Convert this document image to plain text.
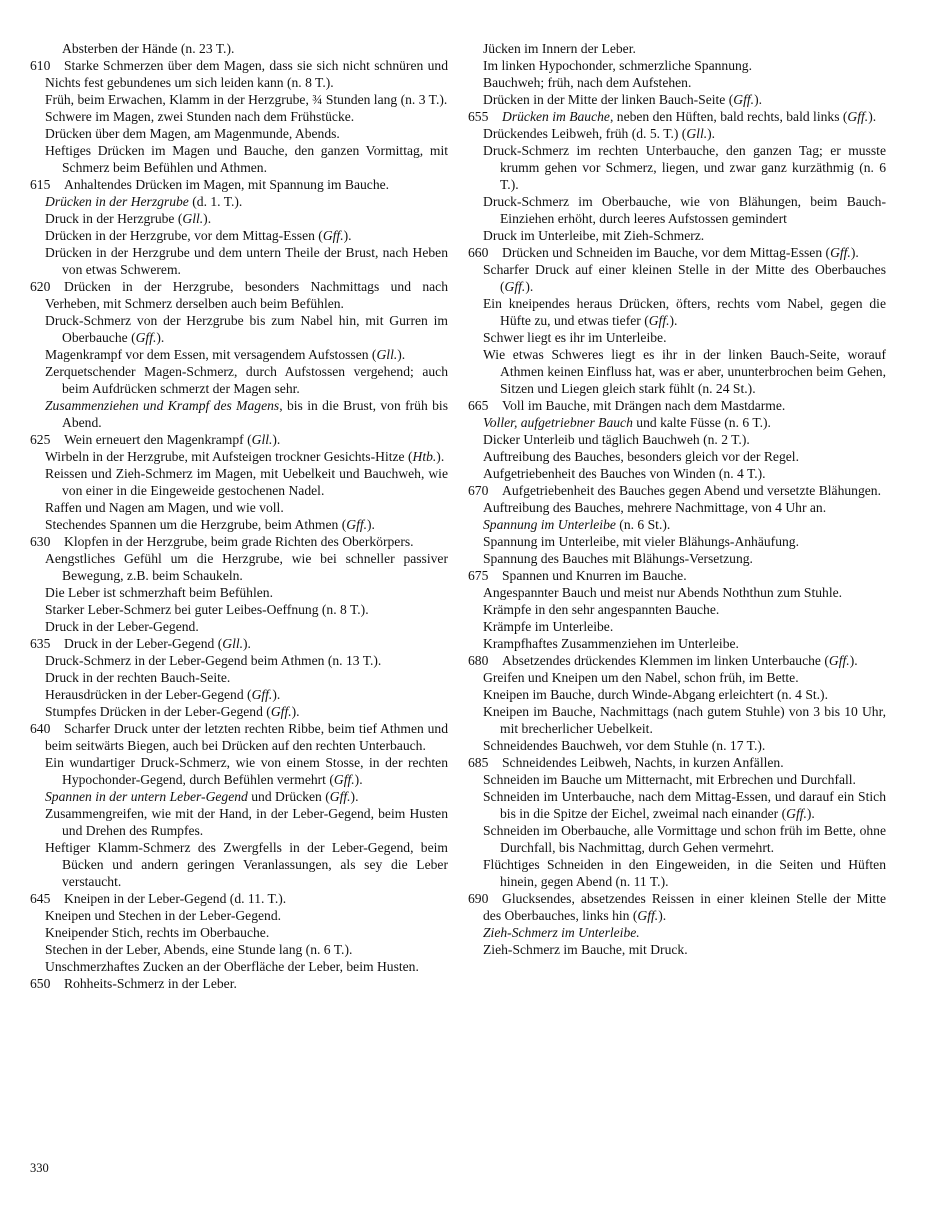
Absterben der Hände (n. 23 T.).

610 Starke Schmerzen über dem Magen, dass sie sich nicht schnüren und Nichts fest gebundenes um sich leiden kann (n. 8 T.).

Früh, beim Erwachen, Klamm in der Herzgrube, ¾ Stunden lang (n. 3 T.).

Schwere im Magen, zwei Stunden nach dem Frühstücke.

Drücken über dem Magen, am Magenmunde, Abends.

Heftiges Drücken im Magen und Bauche, den ganzen Vormittag, mit Schmerz beim Befühlen und Athmen.

615 Anhaltendes Drücken im Magen, mit Spannung im Bauche.

Drücken in der Herzgrube (d. 1. T.).

Druck in der Herzgrube (Gll.).

Drücken in der Herzgrube, vor dem Mittag-Essen (Gff.).

Drücken in der Herzgrube und dem untern Theile der Brust, nach Heben von etwas Schwerem.

620 Drücken in der Herzgrube, besonders Nachmittags und nach Verheben, mit Schmerz derselben auch beim Befühlen.

Druck-Schmerz von der Herzgrube bis zum Nabel hin, mit Gurren im Oberbauche (Gff.).

Magenkrampf vor dem Essen, mit versagendem Aufstossen (Gll.).

Zerquetschender Magen-Schmerz, durch Aufstossen vergehend; auch beim Aufdrücken schmerzt der Magen sehr.

Zusammenziehen und Krampf des Magens, bis in die Brust, von früh bis Abend.

625 Wein erneuert den Magenkrampf (Gll.).

Wirbeln in der Herzgrube, mit Aufsteigen trockner Gesichts-Hitze (Htb.).

Reissen und Zieh-Schmerz im Magen, mit Uebelkeit und Bauchweh, wie von einer in die Eingeweide gestochenen Nadel.

Raffen und Nagen am Magen, und wie voll.

Stechendes Spannen um die Herzgrube, beim Athmen (Gff.).

630 Klopfen in der Herzgrube, beim grade Richten des Oberkörpers.

Aengstliches Gefühl um die Herzgrube, wie bei schneller passiver Bewegung, z.B. beim Schaukeln.

Die Leber ist schmerzhaft beim Befühlen.

Starker Leber-Schmerz bei guter Leibes-Oeffnung (n. 8 T.).

Druck in der Leber-Gegend.

635 Druck in der Leber-Gegend (Gll.).

Druck-Schmerz in der Leber-Gegend beim Athmen (n. 13 T.).

Druck in der rechten Bauch-Seite.

Herausdrücken in der Leber-Gegend (Gff.).

Stumpfes Drücken in der Leber-Gegend (Gff.).

640 Scharfer Druck unter der letzten rechten Ribbe, beim tief Athmen und beim seitwärts Biegen, auch bei Drücken auf den rechten Unterbauch.

Ein wundartiger Druck-Schmerz, wie von einem Stosse, in der rechten Hypochonder-Gegend, durch Befühlen vermehrt (Gff.).

Spannen in der untern Leber-Gegend und Drücken (Gff.).

Zusammengreifen, wie mit der Hand, in der Leber-Gegend, beim Husten und Drehen des Rumpfes.

Heftiger Klamm-Schmerz des Zwergfells in der Leber-Gegend, beim Bücken und andern geringen Veranlassungen, als sey die Leber verstaucht.

645 Kneipen in der Leber-Gegend (d. 11. T.).

Kneipen und Stechen in der Leber-Gegend.

Kneipender Stich, rechts im Oberbauche.

Stechen in der Leber, Abends, eine Stunde lang (n. 6 T.).

Unschmerzhaftes Zucken an der Oberfläche der Leber, beim Husten.

650 Rohheits-Schmerz in der Leber.

Jücken im Innern der Leber.

Im linken Hypochonder, schmerzliche Spannung.

Bauchweh; früh, nach dem Aufstehen.

Drücken in der Mitte der linken Bauch-Seite (Gff.).

655 Drücken im Bauche, neben den Hüften, bald rechts, bald links (Gff.).

Drückendes Leibweh, früh (d. 5. T.) (Gll.).

Druck-Schmerz im rechten Unterbauche, den ganzen Tag; er musste krumm gehen vor Schmerz, liegen, und zwar ganz kurzäthmig (n. 6 T.).

Druck-Schmerz im Oberbauche, wie von Blähungen, beim Bauch-Einziehen erhöht, durch leeres Aufstossen gemindert

Druck im Unterleibe, mit Zieh-Schmerz.

660 Drücken und Schneiden im Bauche, vor dem Mittag-Essen (Gff.).

Scharfer Druck auf einer kleinen Stelle in der Mitte des Oberbauches (Gff.).

Ein kneipendes heraus Drücken, öfters, rechts vom Nabel, gegen die Hüfte zu, und etwas tiefer (Gff.).

Schwer liegt es ihr im Unterleibe.

Wie etwas Schweres liegt es ihr in der linken Bauch-Seite, worauf Athmen keinen Einfluss hat, was er aber, ununterbrochen beim Gehen, Sitzen und Liegen gleich stark fühlt (n. 24 St.).

665 Voll im Bauche, mit Drängen nach dem Mastdarme.

Voller, aufgetriebner Bauch und kalte Füsse (n. 6 T.).

Dicker Unterleib und täglich Bauchweh (n. 2 T.).

Auftreibung des Bauches, besonders gleich vor der Regel.

Aufgetriebenheit des Bauches von Winden (n. 4 T.).

670 Aufgetriebenheit des Bauches gegen Abend und versetzte Blähungen.

Auftreibung des Bauches, mehrere Nachmittage, von 4 Uhr an.

Spannung im Unterleibe (n. 6 St.).

Spannung im Unterleibe, mit vieler Blähungs-Anhäufung.

Spannung des Bauches mit Blähungs-Versetzung.

675 Spannen und Knurren im Bauche.

Angespannter Bauch und meist nur Abends Noththun zum Stuhle.

Krämpfe in den sehr angespannten Bauche.

Krämpfe im Unterleibe.

Krampfhaftes Zusammenziehen im Unterleibe.

680 Absetzendes drückendes Klemmen im linken Unterbauche (Gff.).

Greifen und Kneipen um den Nabel, schon früh, im Bette.

Kneipen im Bauche, durch Winde-Abgang erleichtert (n. 4 St.).

Kneipen im Bauche, Nachmittags (nach gutem Stuhle) von 3 bis 10 Uhr, mit brecherlicher Uebelkeit.

Schneidendes Bauchweh, vor dem Stuhle (n. 17 T.).

685 Schneidendes Leibweh, Nachts, in kurzen Anfällen.

Schneiden im Bauche um Mitternacht, mit Erbrechen und Durchfall.

Schneiden im Unterbauche, nach dem Mittag-Essen, und darauf ein Stich bis in die Spitze der Eichel, zweimal nach einander (Gff.).

Schneiden im Oberbauche, alle Vormittage und schon früh im Bette, ohne Durchfall, bis Nachmittag, durch Gehen vermehrt.

Flüchtiges Schneiden in den Eingeweiden, in die Seiten und Hüften hinein, gegen Abend (n. 11 T.).

690 Glucksendes, absetzendes Reissen in einer kleinen Stelle der Mitte des Oberbauches, links hin (Gff.).

Zieh-Schmerz im Unterleibe.

Zieh-Schmerz im Bauche, mit Druck.

330
